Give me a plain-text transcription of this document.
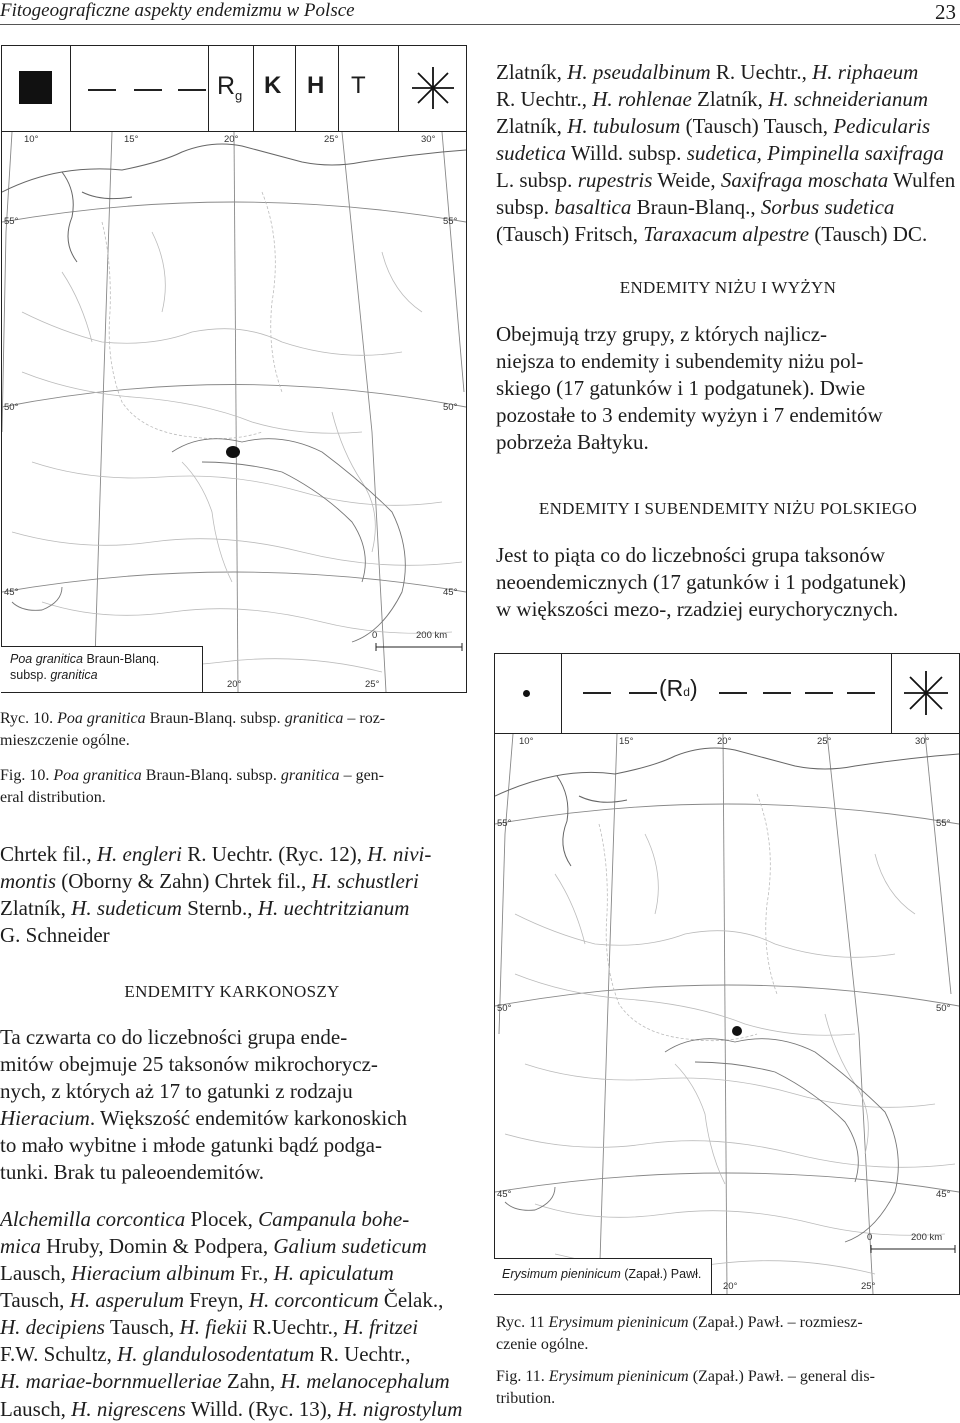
Fitogeograficzne aspekty endemizmu w Polsce	23
R g K H T
10°	15°	20°	25°	30°
55°
50°
45°
55°
50°
45°
20°	25°
0	200 km
Poa granitica Braun-Blanq.
subsp. granitica
Ryc. 10. Poa granitica Braun-Blanq. subsp. granitica – roz-
mieszczenie ogólne.
Fig. 10. Poa granitica Braun-Blanq. subsp. granitica – gen-
eral distribution.
Chrtek fil., H. engleri R. Uechtr. (Ryc. 12), H. nivi-
montis (Oborny & Zahn) Chrtek fil., H. schustleri
Zlatník, H. sudeticum Sternb., H. uechtritzianum
G. Schneider
ENDEMITY KARKONOSZY
Ta czwarta co do liczebności grupa ende-
mitów obejmuje 25 taksonów mikrochorycz-
nych, z których aż 17 to gatunki z rodzaju
Hieracium. Większość endemitów karkonoskich
to mało wybitne i młode gatunki bądź podga-
tunki. Brak tu paleoendemitów.
Alchemilla corcontica Plocek, Campanula bohe-
mica Hruby, Domin & Podpera, Galium sudeticum
Lausch, Hieracium albinum Fr., H. apiculatum
Tausch, H. asperulum Freyn, H. corconticum Čelak.,
H. decipiens Tausch, H. fiekii R.Uechtr., H. fritzei
F.W. Schultz, H. glandulosodentatum R. Uechtr.,
H. mariae-bornmuelleriae Zahn, H. melanocephalum
Lausch, H. nigrescens Willd. (Ryc. 13), H. nigrostylum
Zlatník, H. pseudalbinum R. Uechtr., H. riphaeum
R. Uechtr., H. rohlenae Zlatník, H. schneiderianum
Zlatník, H. tubulosum (Tausch) Tausch, Pedicularis
sudetica Willd. subsp. sudetica, Pimpinella saxifraga
L. subsp. rupestris Weide, Saxifraga moschata Wulfen
subsp. basaltica Braun-Blanq., Sorbus sudetica
(Tausch) Fritsch, Taraxacum alpestre (Tausch) DC.
ENDEMITY NIŻU I WYŻYN
Obejmują trzy grupy, z których najlicz-
niejsza to endemity i subendemity niżu pol-
skiego (17 gatunków i 1 podgatunek). Dwie
pozostałe to 3 endemity wyżyn i 7 endemitów
pobrzeża Bałtyku.
ENDEMITY I SUBENDEMITY NIŻU POLSKIEGO
Jest to piąta co do liczebności grupa taksonów
neoendemicznych (17 gatunków i 1 podgatunek)
w większości mezo-, rzadziej eurychorycznych.
(Rd)
10°	15°	20°	25°	30°
55°
50°
45°
55°
50°
45°
20°	25°
0	200 km
Erysimum pieninicum (Zapał.) Pawł.
Ryc. 11 Erysimum pieninicum (Zapał.) Pawł. – rozmiesz-
czenie ogólne.
Fig. 11. Erysimum pieninicum (Zapał.) Pawł. – general dis-
tribution.
